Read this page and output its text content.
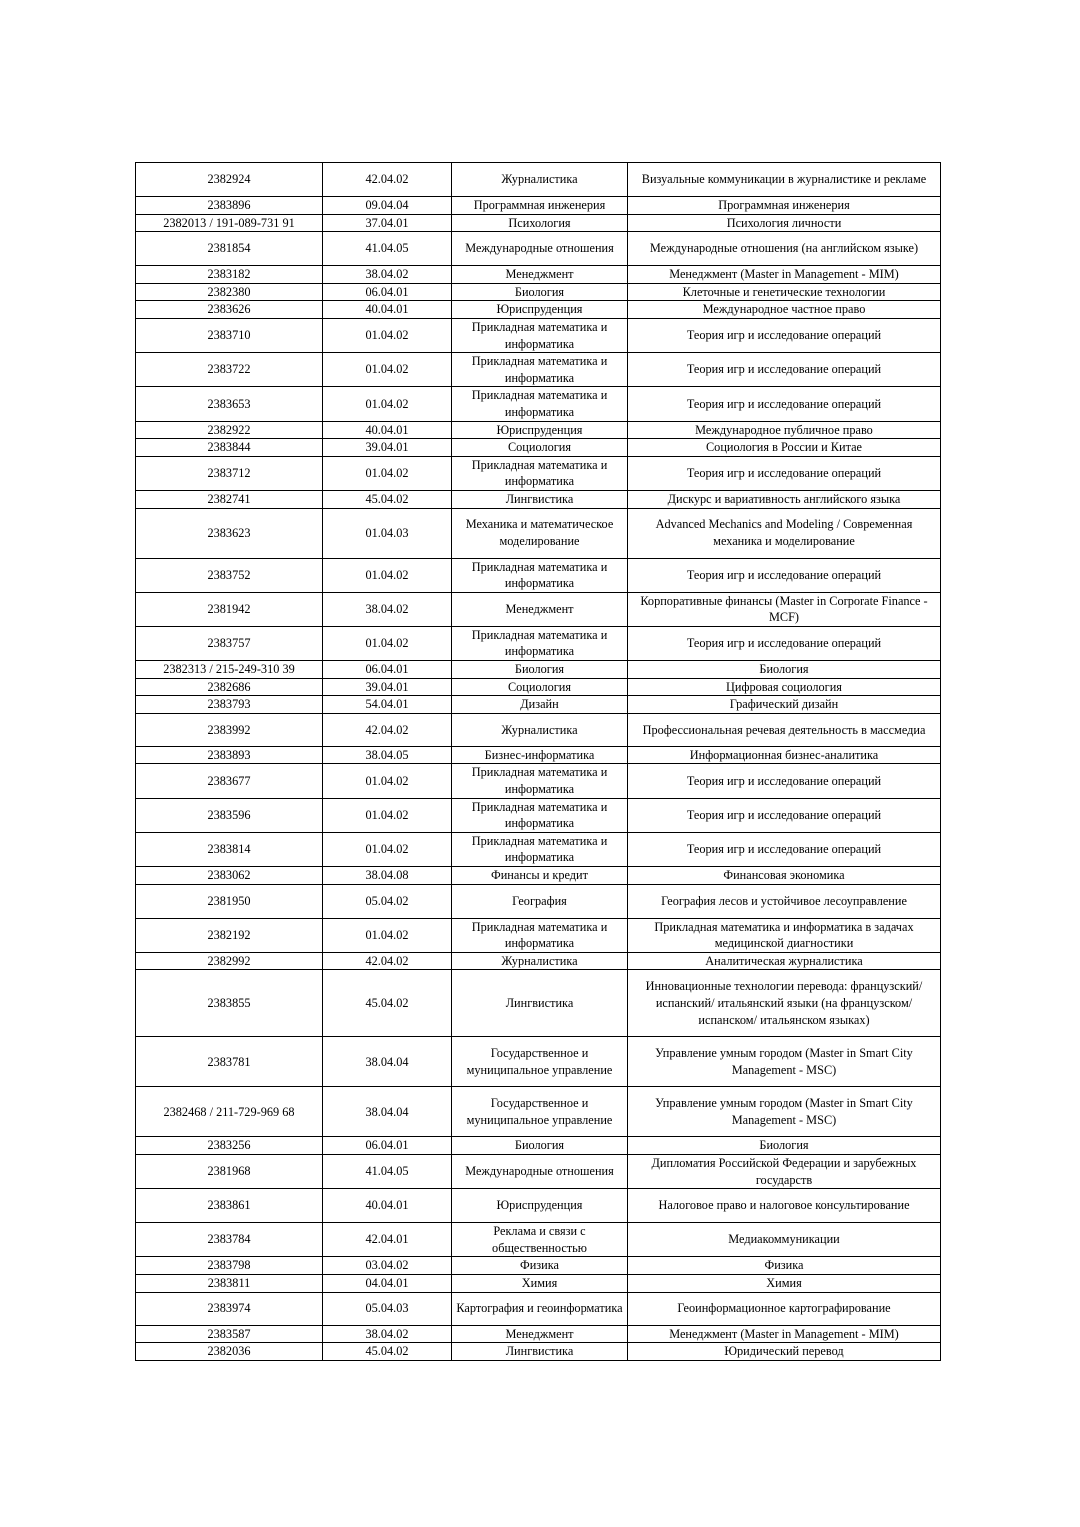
2382924	42.04.02	Журналистика	Визуальные коммуникации в журналистике и рекламе
2383896	09.04.04	Программная инженерия	Программная инженерия
2382013 / 191-089-731 91	37.04.01	Психология	Психология личности
2381854	41.04.05	Международные отношения	Международные отношения (на английском языке)
2383182	38.04.02	Менеджмент	Менеджмент (Master in Management - MIM)
2382380	06.04.01	Биология	Клеточные и генетические технологии
2383626	40.04.01	Юриспруденция	Международное частное право
2383710	01.04.02	Прикладная математика и информатика	Теория игр и исследование операций
2383722	01.04.02	Прикладная математика и информатика	Теория игр и исследование операций
2383653	01.04.02	Прикладная математика и информатика	Теория игр и исследование операций
2382922	40.04.01	Юриспруденция	Международное публичное право
2383844	39.04.01	Социология	Социология в России и Китае
2383712	01.04.02	Прикладная математика и информатика	Теория игр и исследование операций
2382741	45.04.02	Лингвистика	Дискурс и вариативность английского языка
2383623	01.04.03	Механика и математическое моделирование	Advanced Mechanics and Modeling / Современная механика и моделирование
2383752	01.04.02	Прикладная математика и информатика	Теория игр и исследование операций
2381942	38.04.02	Менеджмент	Корпоративные финансы (Master in Corporate Finance - MCF)
2383757	01.04.02	Прикладная математика и информатика	Теория игр и исследование операций
2382313 / 215-249-310 39	06.04.01	Биология	Биология
2382686	39.04.01	Социология	Цифровая социология
2383793	54.04.01	Дизайн	Графический дизайн
2383992	42.04.02	Журналистика	Профессиональная речевая деятельность в массмедиа
2383893	38.04.05	Бизнес-информатика	Информационная бизнес-аналитика
2383677	01.04.02	Прикладная математика и информатика	Теория игр и исследование операций
2383596	01.04.02	Прикладная математика и информатика	Теория игр и исследование операций
2383814	01.04.02	Прикладная математика и информатика	Теория игр и исследование операций
2383062	38.04.08	Финансы и кредит	Финансовая экономика
2381950	05.04.02	География	География лесов и устойчивое лесоуправление
2382192	01.04.02	Прикладная математика и информатика	Прикладная математика и информатика в задачах медицинской диагностики
2382992	42.04.02	Журналистика	Аналитическая журналистика
2383855	45.04.02	Лингвистика	Инновационные технологии перевода: французский/ испанский/ итальянский языки (на французском/ испанском/ итальянском языках)
2383781	38.04.04	Государственное и муниципальное управление	Управление умным городом (Master in Smart City Management - MSC)
2382468 / 211-729-969 68	38.04.04	Государственное и муниципальное управление	Управление умным городом (Master in Smart City Management - MSC)
2383256	06.04.01	Биология	Биология
2381968	41.04.05	Международные отношения	Дипломатия Российской Федерации и зарубежных государств
2383861	40.04.01	Юриспруденция	Налоговое право и налоговое консультирование
2383784	42.04.01	Реклама и связи с общественностью	Медиакоммуникации
2383798	03.04.02	Физика	Физика
2383811	04.04.01	Химия	Химия
2383974	05.04.03	Картография и геоинформатика	Геоинформационное картографирование
2383587	38.04.02	Менеджмент	Менеджмент (Master in Management - MIM)
2382036	45.04.02	Лингвистика	Юридический перевод
